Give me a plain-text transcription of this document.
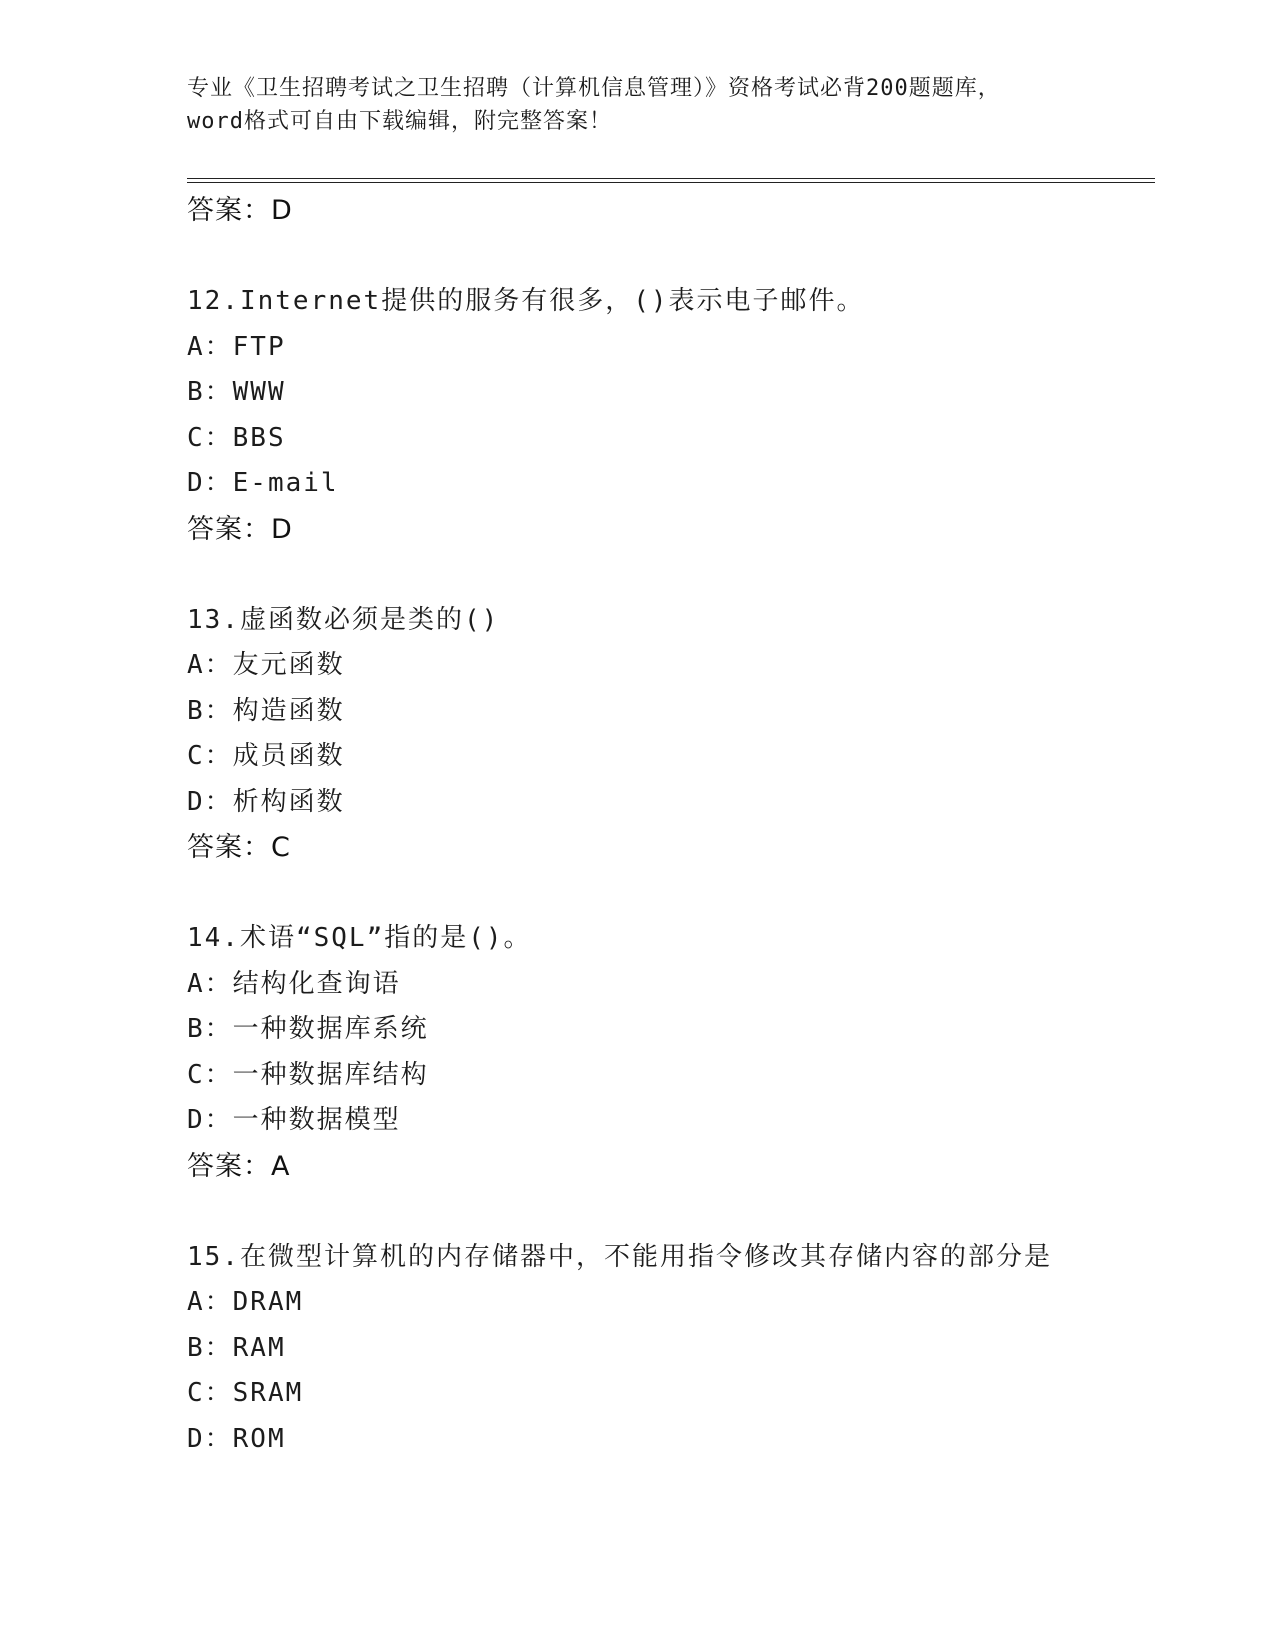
专业《卫生招聘考试之卫生招聘（计算机信息管理）》资格考试必背200题题库，
word格式可自由下载编辑，附完整答案！
答案：D
12.Internet提供的服务有很多，()表示电子邮件。
A：FTP
B：WWW
C：BBS
D：E-mail
答案：D
13.虚函数必须是类的()
A：友元函数
B：构造函数
C：成员函数
D：析构函数
答案：C
14.术语“SQL”指的是()。
A：结构化查询语
B：一种数据库系统
C：一种数据库结构
D：一种数据模型
答案：A
15.在微型计算机的内存储器中，不能用指令修改其存储内容的部分是
A：DRAM
B：RAM
C：SRAM
D：ROM
